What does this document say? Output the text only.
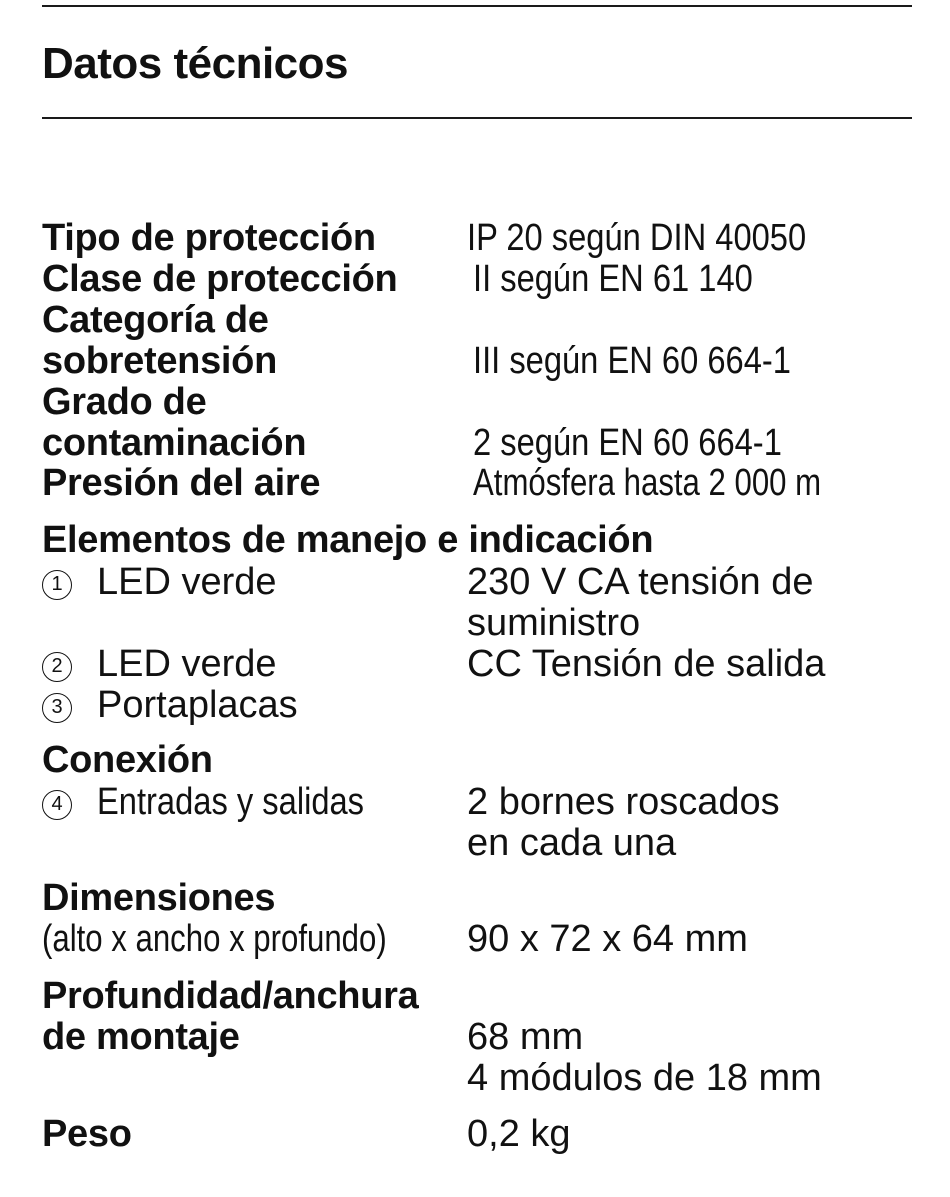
Datos técnicos
Tipo de protección IP 20 según DIN 40050
Clase de protección II según EN 61 140
Categoría de
sobretensión	III según EN 60 664-1
Grado de
contaminación	2 según EN 60 664-1
Presión del aire	Atmósfera hasta 2 000 m
Elementos de manejo e indicación
1 LED verde	230 V CA tensión de
suministro
2 LED verde	CC Tensión de salida
3 Portaplacas
Conexión
4 Entradas y salidas	2 bornes roscados
en cada una
Dimensiones
(alto x ancho x profundo) 90 x 72 x 64 mm
Profundidad/anchura
de montaje	68 mm
4 módulos de 18 mm
Peso	0,2 kg
